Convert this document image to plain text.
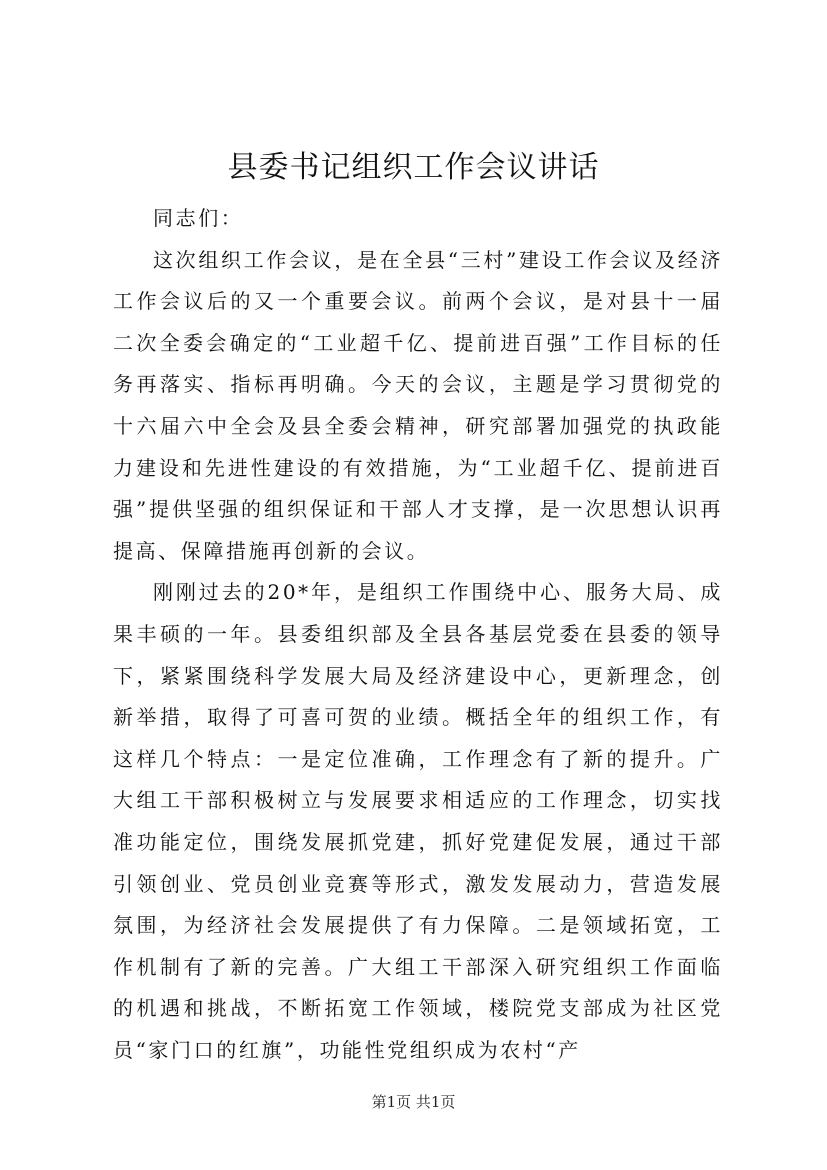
县委书记组织工作会议讲话

同志们：

这次组织工作会议，是在全县“三村”建设工作会议及经济工作会议后的又一个重要会议。前两个会议，是对县十一届二次全委会确定的“工业超千亿、提前进百强”工作目标的任务再落实、指标再明确。今天的会议，主题是学习贯彻党的十六届六中全会及县全委会精神，研究部署加强党的执政能力建设和先进性建设的有效措施，为“工业超千亿、提前进百强”提供坚强的组织保证和干部人才支撑，是一次思想认识再提高、保障措施再创新的会议。

刚刚过去的20*年，是组织工作围绕中心、服务大局、成果丰硕的一年。县委组织部及全县各基层党委在县委的领导下，紧紧围绕科学发展大局及经济建设中心，更新理念，创新举措，取得了可喜可贺的业绩。概括全年的组织工作，有这样几个特点：一是定位准确，工作理念有了新的提升。广大组工干部积极树立与发展要求相适应的工作理念，切实找准功能定位，围绕发展抓党建，抓好党建促发展，通过干部引领创业、党员创业竞赛等形式，激发发展动力，营造发展氛围，为经济社会发展提供了有力保障。二是领域拓宽，工作机制有了新的完善。广大组工干部深入研究组织工作面临的机遇和挑战，不断拓宽工作领域，楼院党支部成为社区党员“家门口的红旗”，功能性党组织成为农村“产

第1页 共1页
